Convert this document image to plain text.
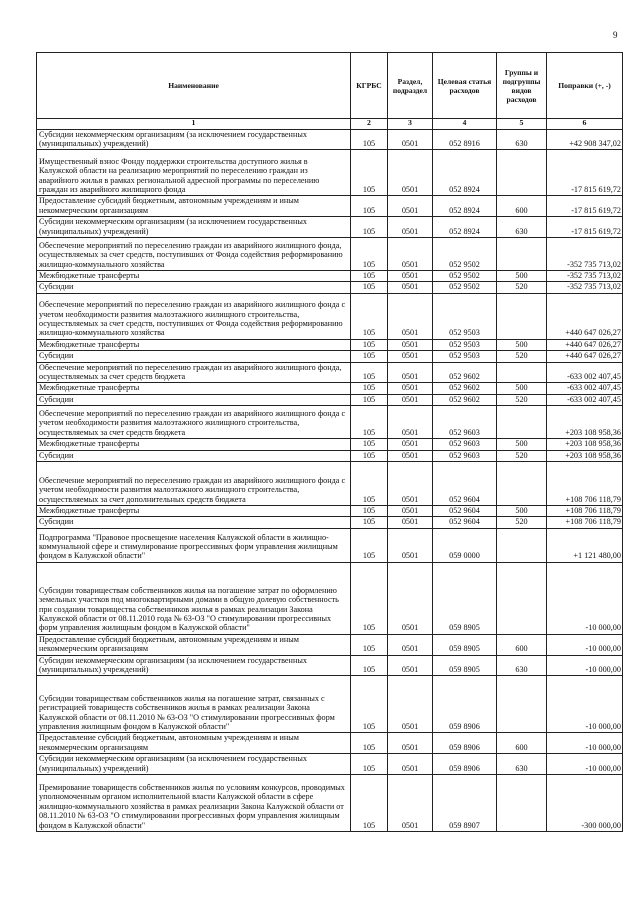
9
Наименование	КГРБС	Раздел, подраздел	Целевая статья расходов	Группы и подгруппы видов расходов	Поправки (+, -)
1	2	3	4	5	6
Субсидии некоммерческим организациям (за исключением государственных (муниципальных) учреждений)	105	0501	052 8916	630	+42 908 347,02
Имущественный взнос Фонду поддержки строительства доступного жилья в Калужской области на реализацию мероприятий по переселению граждан из аварийного жилья в рамках региональной адресной программы по переселению граждан из аварийного жилищного фонда	105	0501	052 8924		-17 815 619,72
Предоставление субсидий бюджетным, автономным учреждениям и иным некоммерческим организациям	105	0501	052 8924	600	-17 815 619,72
Субсидии некоммерческим организациям (за исключением государственных (муниципальных) учреждений)	105	0501	052 8924	630	-17 815 619,72
Обеспечение мероприятий по переселению граждан из аварийного жилищного фонда, осуществляемых за счет средств, поступивших от Фонда содействия реформированию жилищно-коммунального хозяйства	105	0501	052 9502		-352 735 713,02
Межбюджетные трансферты	105	0501	052 9502	500	-352 735 713,02
Субсидии	105	0501	052 9502	520	-352 735 713,02
Обеспечение мероприятий по переселению граждан из аварийного жилищного фонда с учетом необходимости развития малоэтажного жилищного строительства, осуществляемых за счет средств, поступивших от Фонда содействия реформированию жилищно-коммунального хозяйства	105	0501	052 9503		+440 647 026,27
Межбюджетные трансферты	105	0501	052 9503	500	+440 647 026,27
Субсидии	105	0501	052 9503	520	+440 647 026,27
Обеспечение мероприятий по переселению граждан из аварийного жилищного фонда, осуществляемых за счет средств бюджета	105	0501	052 9602		-633 002 407,45
Межбюджетные трансферты	105	0501	052 9602	500	-633 002 407,45
Субсидии	105	0501	052 9602	520	-633 002 407,45
Обеспечение мероприятий по переселению граждан из аварийного жилищного фонда с учетом необходимости развития малоэтажного жилищного строительства, осуществляемых за счет средств бюджета	105	0501	052 9603		+203 108 958,36
Межбюджетные трансферты	105	0501	052 9603	500	+203 108 958,36
Субсидии	105	0501	052 9603	520	+203 108 958,36
Обеспечение мероприятий по переселению граждан из аварийного жилищного фонда с учетом необходимости развития малоэтажного жилищного строительства, осуществляемых за счет дополнительных средств бюджета	105	0501	052 9604		+108 706 118,79
Межбюджетные трансферты	105	0501	052 9604	500	+108 706 118,79
Субсидии	105	0501	052 9604	520	+108 706 118,79
Подпрограмма "Правовое просвещение населения Калужской области в жилищно-коммунальной сфере и стимулирование прогрессивных форм управления жилищным фондом в Калужской области"	105	0501	059 0000		+1 121 480,00
Субсидии товариществам собственников жилья на погашение затрат по оформлению земельных участков под многоквартирными домами в общую долевую собственность при создании товарищества собственников жилья в рамках реализации Закона Калужской области от 08.11.2010 года № 63-ОЗ "О стимулировании прогрессивных форм управления жилищным фондом в Калужской области"	105	0501	059 8905		-10 000,00
Предоставление субсидий бюджетным, автономным учреждениям и иным некоммерческим организациям	105	0501	059 8905	600	-10 000,00
Субсидии некоммерческим организациям (за исключением государственных (муниципальных) учреждений)	105	0501	059 8905	630	-10 000,00
Субсидии товариществам собственников жилья на погашение затрат, связанных с регистрацией товариществ собственников жилья в рамках реализации Закона Калужской области от 08.11.2010 № 63-ОЗ "О стимулировании прогрессивных форм управления жилищным фондом в Калужской области"	105	0501	059 8906		-10 000,00
Предоставление субсидий бюджетным, автономным учреждениям и иным некоммерческим организациям	105	0501	059 8906	600	-10 000,00
Субсидии некоммерческим организациям (за исключением государственных (муниципальных) учреждений)	105	0501	059 8906	630	-10 000,00
Премирование товариществ собственников жилья по условиям конкурсов, проводимых уполномоченным органом исполнительной власти Калужской области в сфере жилищно-коммунального хозяйства в рамках реализации Закона Калужской области от 08.11.2010 № 63-ОЗ "О стимулировании прогрессивных форм управления жилищным фондом в Калужской области"	105	0501	059 8907		-300 000,00
